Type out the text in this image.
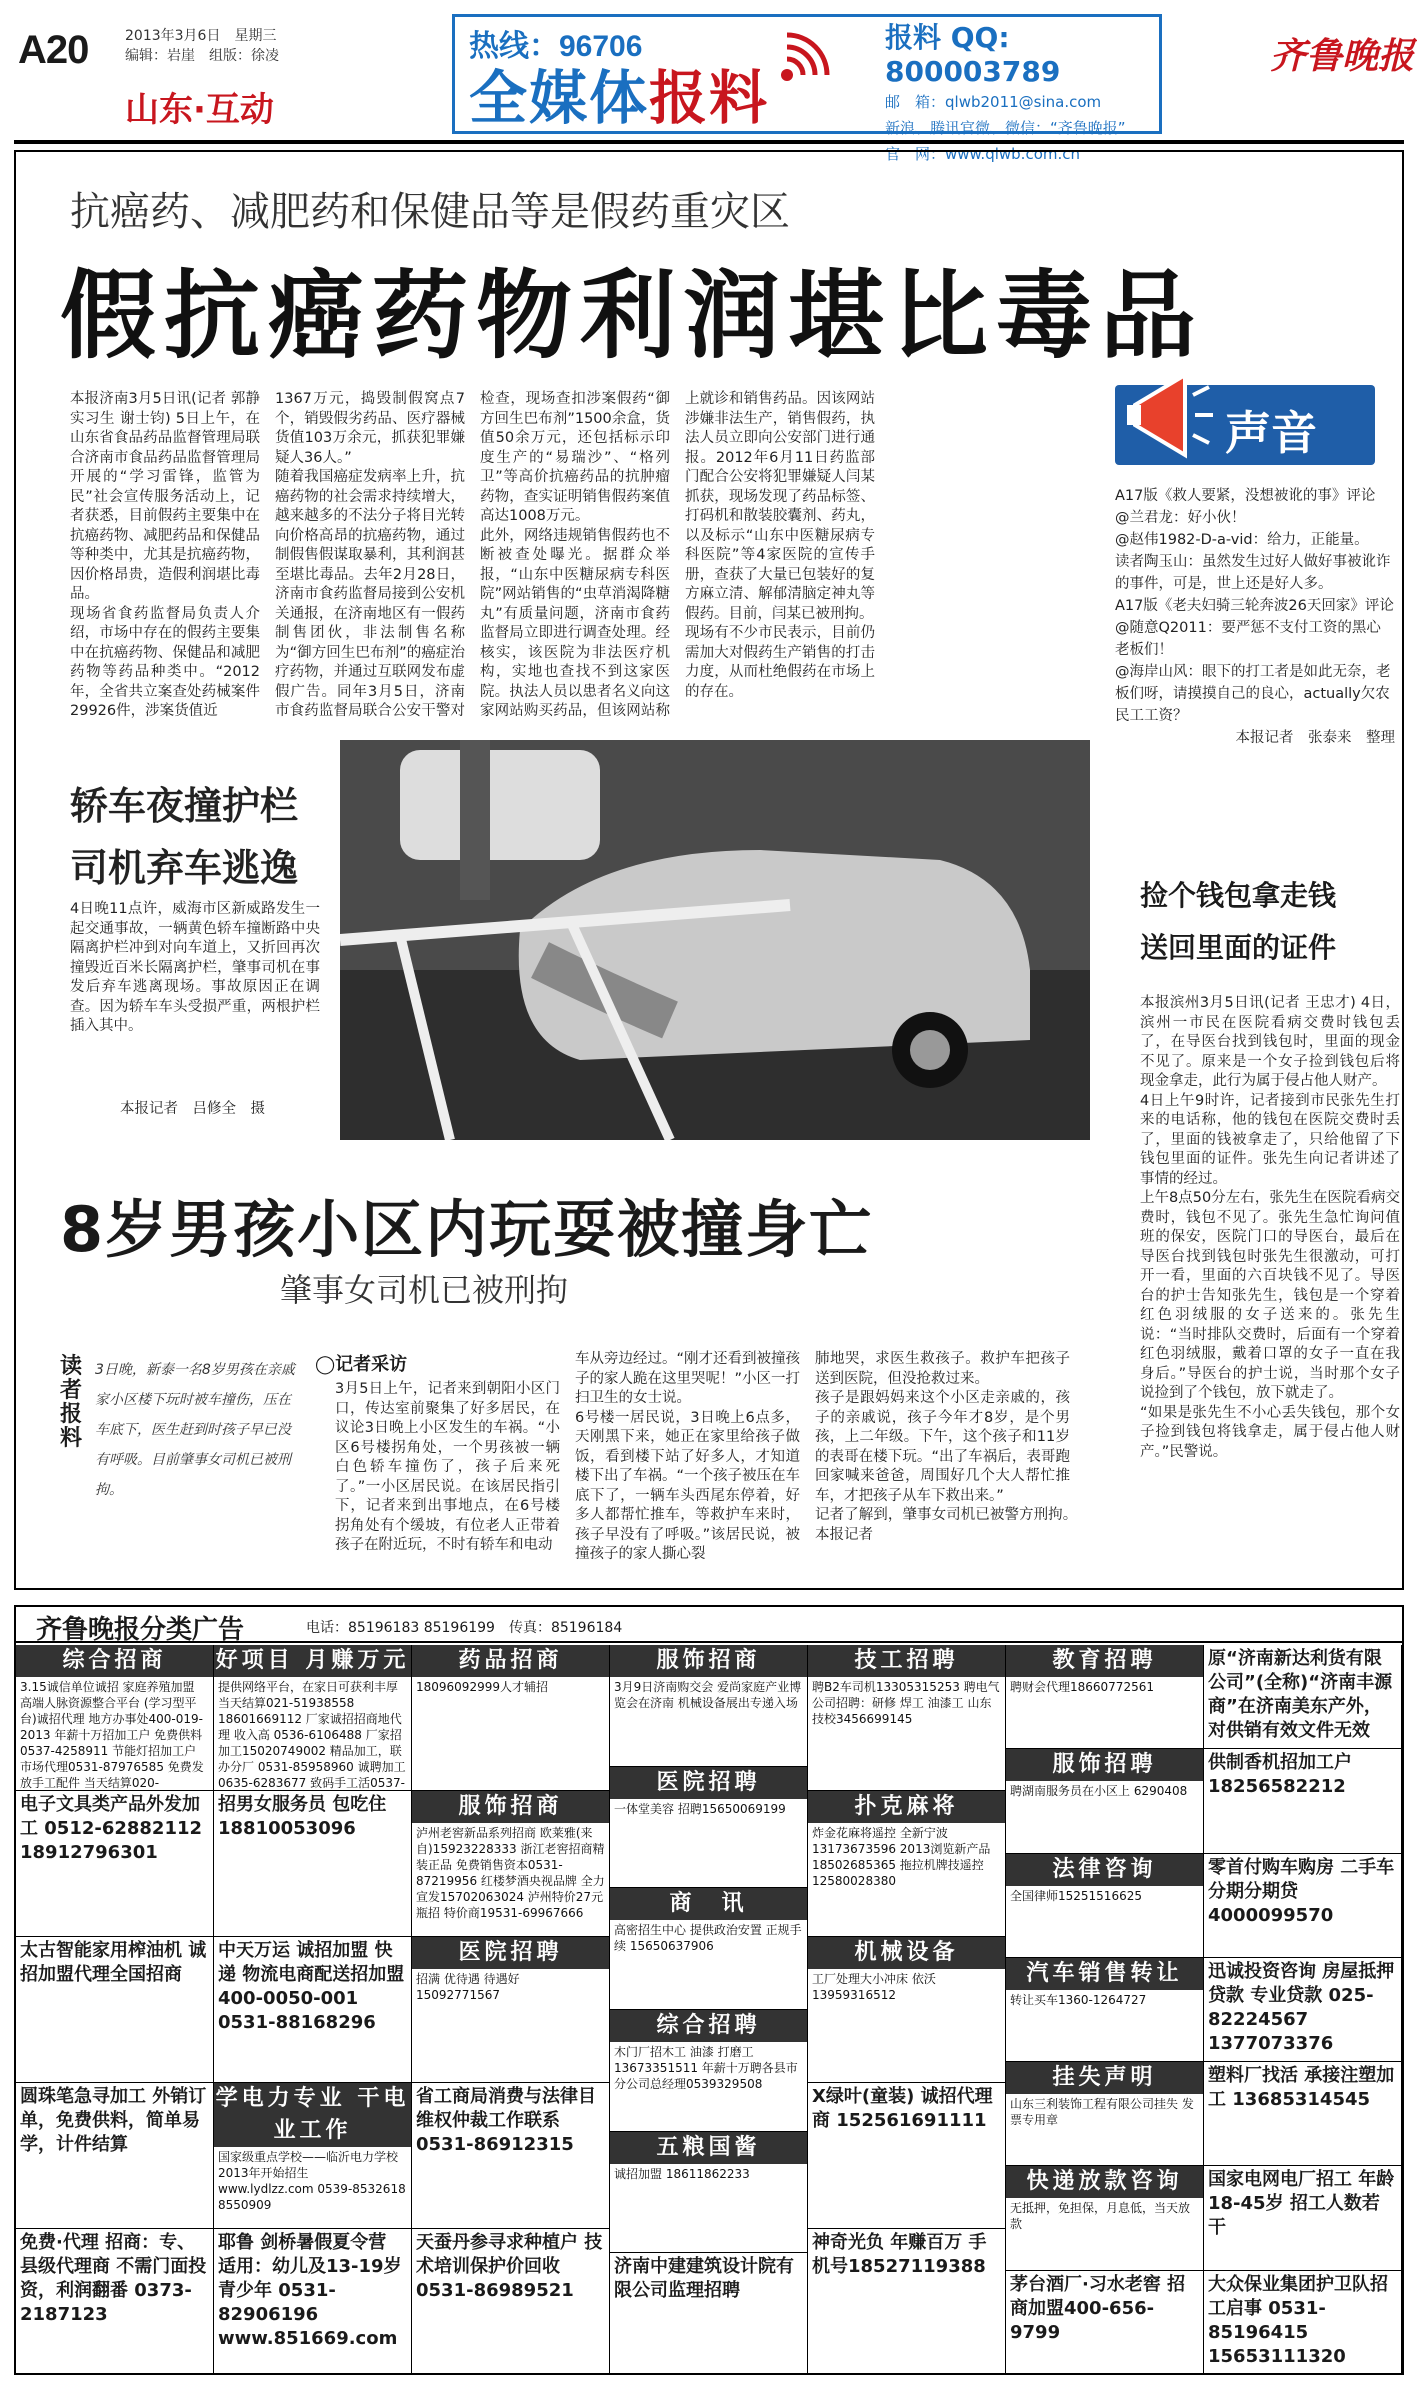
A20	2013年3月6日　星期三
编辑：岩崖　组版：徐凌
山东·互动
热线：96706
全媒体报料
报料 QQ: 800003789
邮　箱：qlwb2011@sina.com
新浪、腾讯官微、微信：“齐鲁晚报”
官　网：www.qlwb.com.cn
齐鲁晚报
抗癌药、减肥药和保健品等是假药重灾区
假抗癌药物利润堪比毒品
本报济南3月5日讯(记者 郭静 实习生 谢士钧) 5日上午，在山东省食品药品监督管理局联合济南市食品药品监督管理局开展的“学习雷锋，监管为民”社会宣传服务活动上，记者获悉，目前假药主要集中在抗癌药物、减肥药品和保健品等种类中，尤其是抗癌药物，因价格昂贵，造假利润堪比毒品。
现场省食药监督局负责人介绍，市场中存在的假药主要集中在抗癌药物、保健品和减肥药物等药品种类中。“2012年，全省共立案查处药械案件29926件，涉案货值近
1367万元，捣毁制假窝点7个，销毁假劣药品、医疗器械货值103万余元，抓获犯罪嫌疑人36人。”
随着我国癌症发病率上升，抗癌药物的社会需求持续增大，越来越多的不法分子将目光转向价格高昂的抗癌药物，通过制假售假谋取暴利，其利润甚至堪比毒品。去年2月28日，济南市食药监督局接到公安机关通报，在济南地区有一假药制售团伙，非法制售名称为“御方回生巴布剂”的癌症治疗药物，并通过互联网发布虚假广告。同年3月5日，济南市食药监督局联合公安干警对
检查，现场查扣涉案假药“御方回生巴布剂”1500余盒，货值50余万元，还包括标示印度生产的“易瑞沙”、“格列卫”等高价抗癌药品的抗肿瘤药物，查实证明销售假药案值高达1008万元。
此外，网络违规销售假药也不断被查处曝光。据群众举报，“山东中医糖尿病专科医院”网站销售的“虫草消渴降糖丸”有质量问题，济南市食药监督局立即进行调查处理。经核实，该医院为非法医疗机构，实地也查找不到这家医院。执法人员以患者名义向这家网站购买药品，但该网站称
上就诊和销售药品。因该网站涉嫌非法生产，销售假药，执法人员立即向公安部门进行通报。2012年6月11日药监部门配合公安将犯罪嫌疑人闫某抓获，现场发现了药品标签、打码机和散装胶囊剂、药丸，以及标示“山东中医糖尿病专科医院”等4家医院的宣传手册，查获了大量已包装好的复方麻立清、解郁清脑定神丸等假药。目前，闫某已被刑拘。
现场有不少市民表示，目前仍需加大对假药生产销售的打击力度，从而杜绝假药在市场上的存在。
声音
A17版《救人要紧，没想被讹的事》评论
@兰君龙：好小伙！
@赵伟1982-D-a-vid：给力，正能量。
读者陶玉山：虽然发生过好人做好事被讹诈的事件，可是，世上还是好人多。
A17版《老夫妇骑三轮奔波26天回家》评论
@随意Q2011：要严惩不支付工资的黑心老板们！
@海岸山风：眼下的打工者是如此无奈，老板们呀，请摸摸自己的良心，actually欠农民工工资？
本报记者　张泰来　整理
捡个钱包拿走钱
送回里面的证件
本报滨州3月5日讯(记者 王忠才) 4日，滨州一市民在医院看病交费时钱包丢了，在导医台找到钱包时，里面的现金不见了。原来是一个女子捡到钱包后将现金拿走，此行为属于侵占他人财产。
4日上午9时许，记者接到市民张先生打来的电话称，他的钱包在医院交费时丢了，里面的钱被拿走了，只给他留了下钱包里面的证件。张先生向记者讲述了事情的经过。
上午8点50分左右，张先生在医院看病交费时，钱包不见了。张先生急忙询问值班的保安，医院门口的导医台，最后在导医台找到钱包时张先生很激动，可打开一看，里面的六百块钱不见了。导医台的护士告知张先生，钱包是一个穿着红色羽绒服的女子送来的。张先生说：“当时排队交费时，后面有一个穿着红色羽绒服，戴着口罩的女子一直在我身后。”导医台的护士说，当时那个女子说捡到了个钱包，放下就走了。
“如果是张先生不小心丢失钱包，那个女子捡到钱包将钱拿走，属于侵占他人财产。”民警说。
轿车夜撞护栏
司机弃车逃逸
4日晚11点许，威海市区新威路发生一起交通事故，一辆黄色轿车撞断路中央隔离护栏冲到对向车道上，又折回再次撞毁近百米长隔离护栏，肇事司机在事发后弃车逃离现场。事故原因正在调查。因为轿车车头受损严重，两根护栏插入其中。
本报记者　吕修全　摄
8岁男孩小区内玩耍被撞身亡
肇事女司机已被刑拘
读者报料
3日晚，新泰一名8岁男孩在亲戚家小区楼下玩时被车撞伤，压在车底下，医生赶到时孩子早已没有呼吸。目前肇事女司机已被刑拘。
◯记者采访
3月5日上午，记者来到朝阳小区门口，传达室前聚集了好多居民，在议论3日晚上小区发生的车祸。“小区6号楼拐角处，一个男孩被一辆白色轿车撞伤了，孩子后来死了。”一小区居民说。在该居民指引下，记者来到出事地点，在6号楼拐角处有个缓坡，有位老人正带着孩子在附近玩，不时有轿车和电动
车从旁边经过。“刚才还看到被撞孩子的家人跪在这里哭呢！”小区一打扫卫生的女士说。
6号楼一居民说，3日晚上6点多，天刚黑下来，她正在家里给孩子做饭，看到楼下站了好多人，才知道楼下出了车祸。“一个孩子被压在车底下了，一辆车头西尾东停着，好多人都帮忙推车，等救护车来时，孩子早没有了呼吸。”该居民说，被撞孩子的家人撕心裂
肺地哭，求医生救孩子。救护车把孩子送到医院，但没抢救过来。
孩子是跟妈妈来这个小区走亲戚的，孩子的亲戚说，孩子今年才8岁，是个男孩，上二年级。下午，这个孩子和11岁的表哥在楼下玩。“出了车祸后，表哥跑回家喊来爸爸，周围好几个大人帮忙推车，才把孩子从车下救出来。”
记者了解到，肇事女司机已被警方刑拘。　　本报记者
齐鲁晚报分类广告	电话：85196183 85196199　传真：85196184
综合招商
3.15诚信单位诚招 家庭养殖加盟 高端人脉资源整合平台 (学习型平台)诚招代理 地方办事处400-019-2013 年薪十万招加工户 免费供料0537-4258911 节能灯招加工户 市场代理0531-87976585 免费发放手工配件 当天结算020-
电子文具类产品外发加工 0512-62882112 18912796301
太古智能家用榨油机 诚招加盟代理全国招商
圆珠笔急寻加工 外销订单，免费供料，简单易学，计件结算
免费·代理 招商：专、县级代理商 不需门面投资，利润翻番 0373-2187123
好项目 月赚万元
提供网络平台，在家日可获利丰厚 当天结算021-51938558 18601669112 厂家诚招招商地代理 收入高 0536-6106488 厂家招加工15020749002 精品加工，联办分厂 0531-85958960 诚聘加工0635-6283677 致码手工活0537-
招男女服务员 包吃住 18810053096
中天万运 诚招加盟 快递 物流电商配送招加盟 400-0050-001 0531-88168296
学电力专业 干电业工作
国家级重点学校——临沂电力学校 2013年开始招生 www.lydlzz.com 0539-8532618 8550909
耶鲁 剑桥暑假夏令营 适用：幼儿及13-19岁青少年 0531-82906196 www.851669.com
药品招商
18096092999人才辅招
服饰招商
泸州老窖新品系列招商 欧莱雅(来自)15923228333 浙江老窖招商精装正品 免费销售资本0531-87219956 红楼梦酒央视品牌 全力宣发15702063024 泸州特价27元瓶招 特价商19531-69967666
医院招聘
招满 优待遇 待遇好 15092771567
省工商局消费与法律目 维权仲裁工作联系 0531-86912315
天蚕丹参寻求种植户 技术培训保护价回收 0531-86989521
服饰招商
3月9日济南购交会 爱尚家庭产业博览会在济南 机械设备展出专递入场
医院招聘
一体堂美容 招聘15650069199
商　讯
高密招生中心 提供政治安置 正规手续 15650637906
综合招聘
木门厂招木工 油漆 打磨工13673351511 年薪十万聘各县市 分公司总经理0539329508
五粮国酱
诚招加盟 18611862233
济南中建建筑设计院有限公司监理招聘
技工招聘
聘B2车司机13305315253 聘电气公司招聘：研修 焊工 油漆工 山东技校3456699145
扑克麻将
炸金花麻将遥控 全新宁波13173673596 2013浏览新产品 18502685365 拖拉机牌技遥控 12580028380
机械设备
工厂处理大小冲床 依沃 13959316512
X绿叶(童装) 诚招代理商 152561691111
神奇光负 年赚百万 手机号18527119388
教育招聘
聘财会代理18660772561
服饰招聘
聘湖南服务员在小区上 6290408
法律咨询
全国律师15251516625
汽车销售转让
转让买车1360-1264727
挂失声明
山东三利装饰工程有限公司挂失 发票专用章
快递放款咨询
无抵押，免担保，月息低，当天放款
茅台酒厂·习水老窖 招商加盟400-656-9799
原“济南新达利货有限公司”(全称)“济南丰源商”在济南美东产外，对供销有效文件无效
供制香机招加工户 18256582212
零首付购车购房 二手车分期分期贷 4000099570
迅诚投资咨询 房屋抵押贷款 专业贷款 025-82224567 1377073376
塑料厂找活 承接注塑加工 13685314545
国家电网电厂招工 年龄18-45岁 招工人数若干
大众保业集团护卫队招工启事 0531-85196415 15653111320
